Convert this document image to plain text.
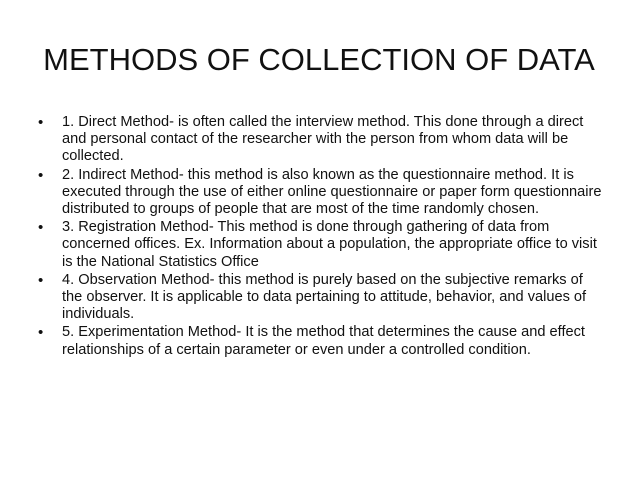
METHODS OF COLLECTION OF DATA
•	1. Direct Method- is often called the interview method. This done through a direct and personal contact of the researcher with the person from whom data will be collected.
•	2. Indirect Method- this method is also known as the questionnaire method. It is executed through the use of either online questionnaire or paper form questionnaire distributed to groups of people that are most of the time randomly chosen.
•	3. Registration Method- This method is done through gathering of data from concerned offices. Ex. Information about a population, the appropriate office to visit is the National Statistics Office
•	4. Observation Method- this method is purely based on the subjective remarks of the observer. It is applicable to data pertaining to attitude, behavior, and values of individuals.
•	5. Experimentation Method- It is the method that determines the cause and effect relationships of a certain parameter or even under a controlled condition.
